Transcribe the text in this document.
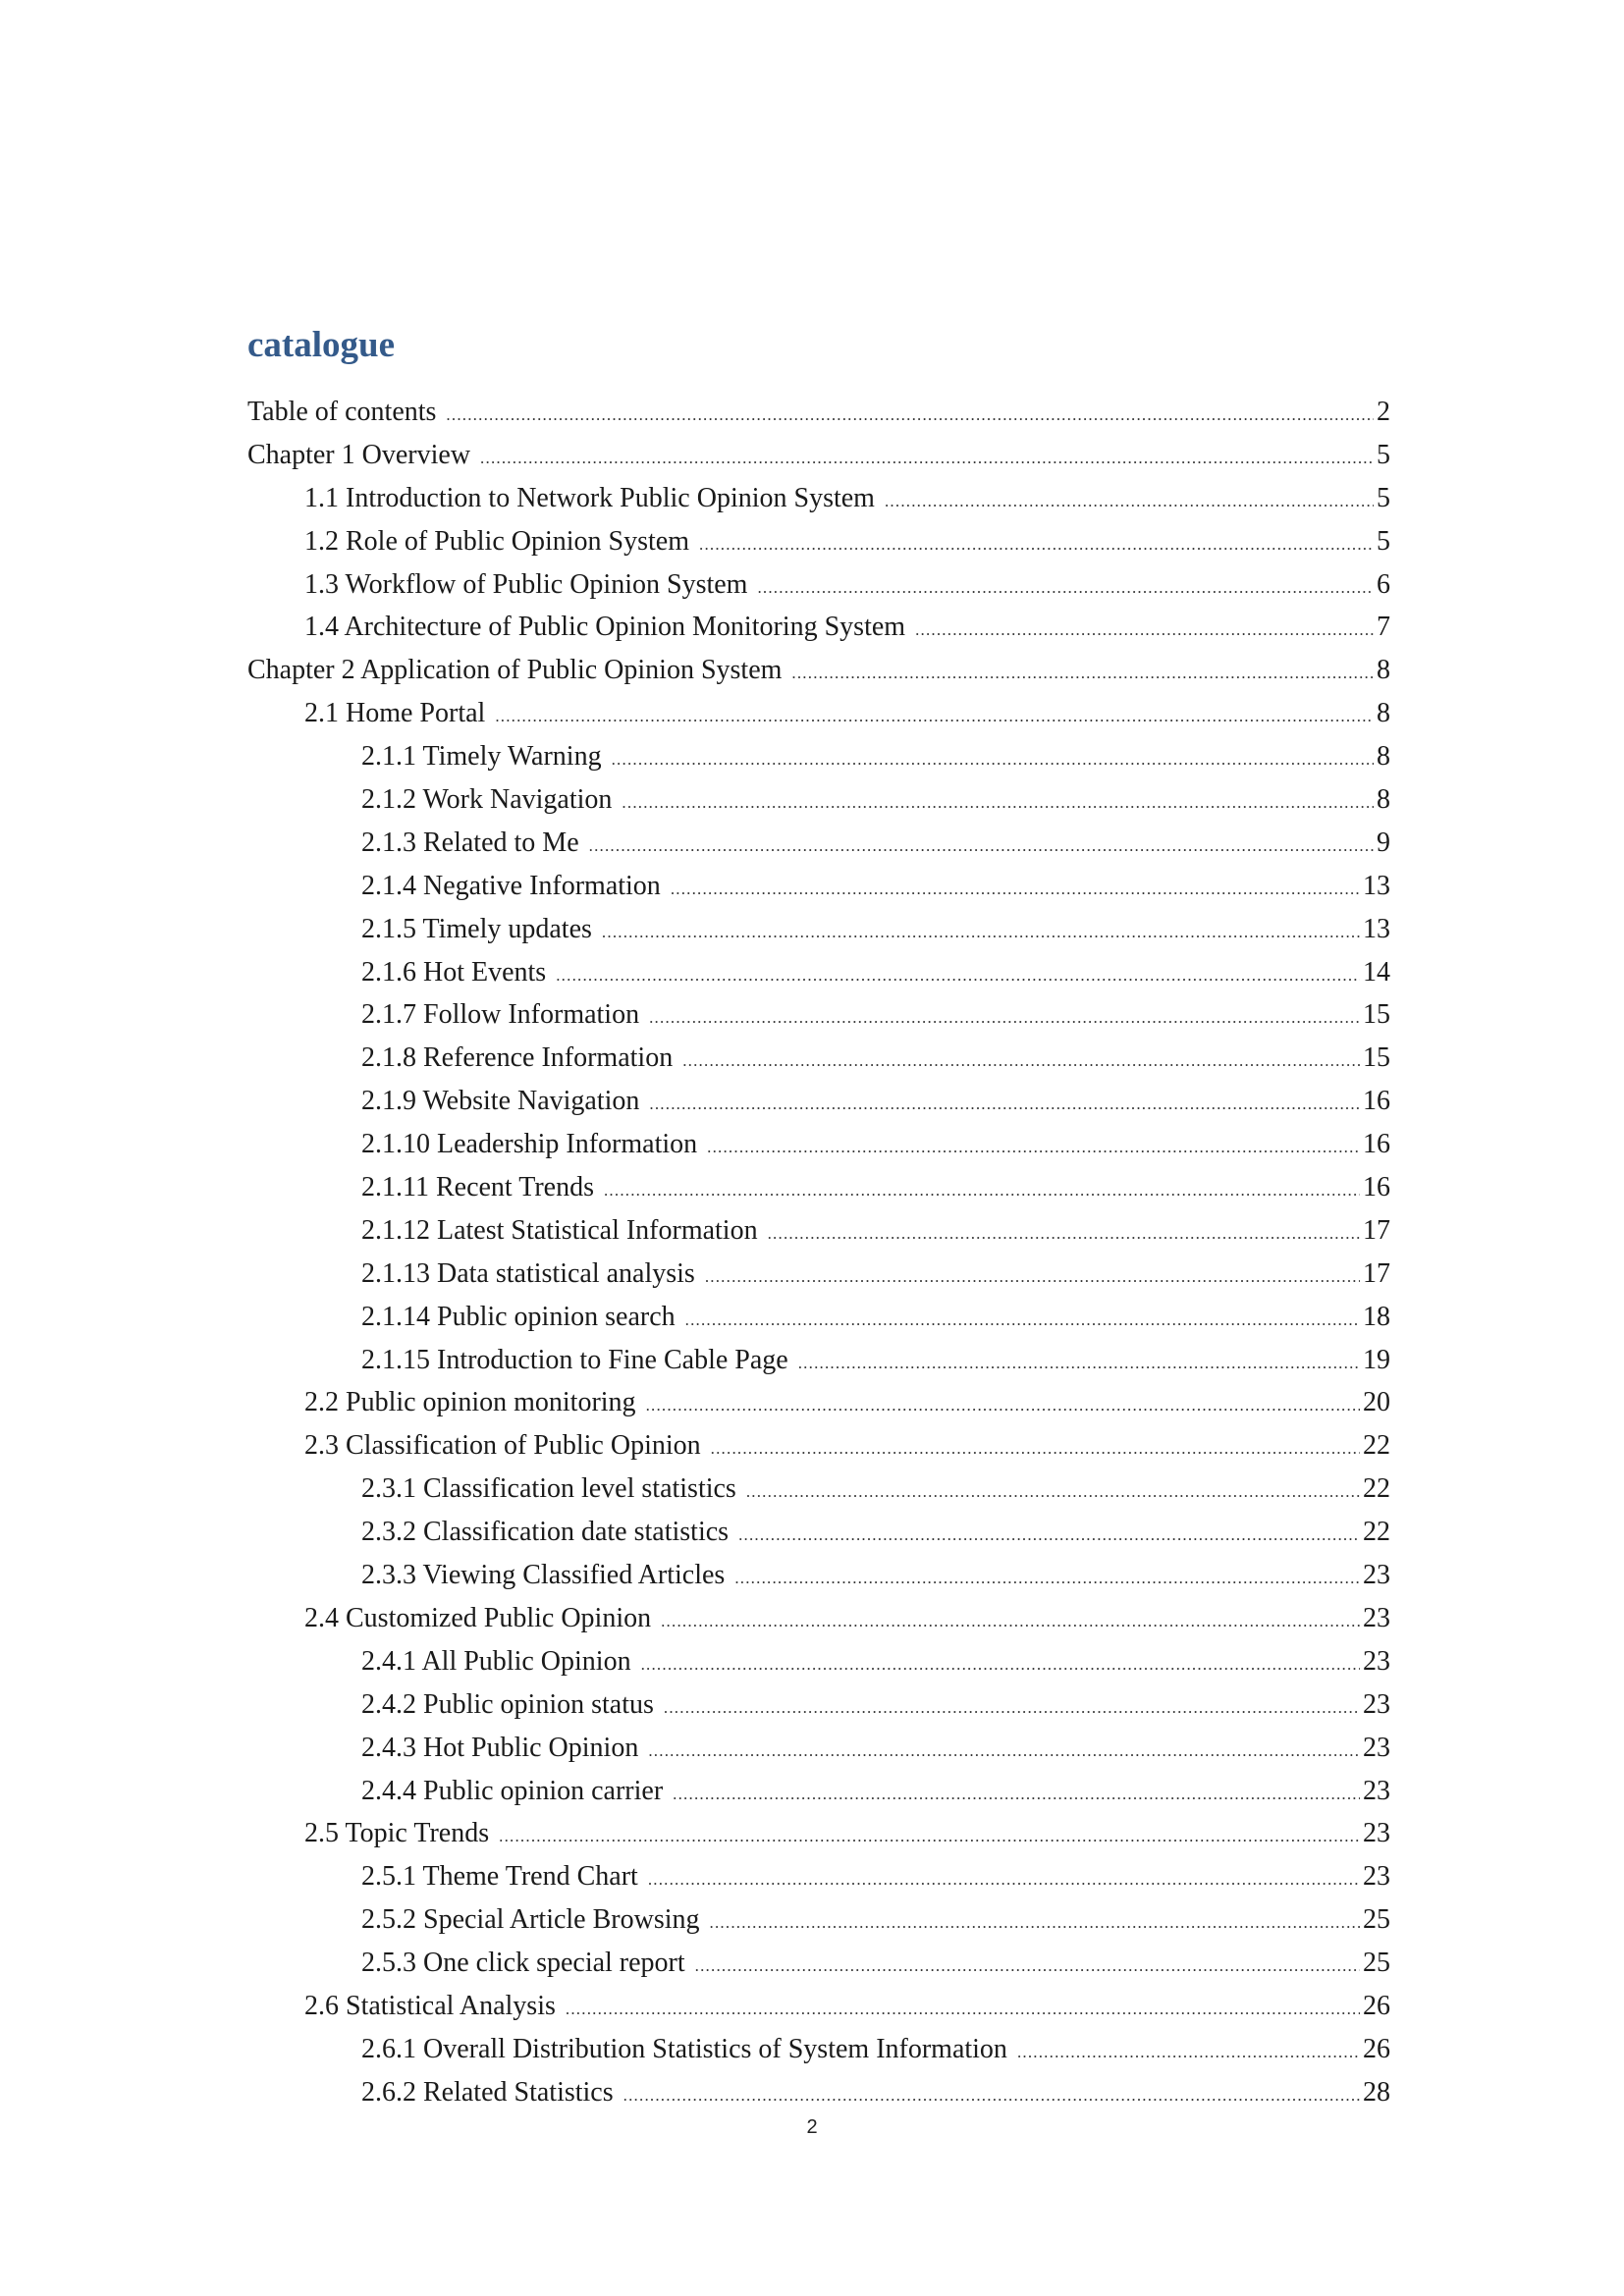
catalogue
Table of contents .....	2
Chapter 1 Overview .....	5
1.1 Introduction to Network Public Opinion System .....	5
1.2 Role of Public Opinion System .....	5
1.3 Workflow of Public Opinion System .....	6
1.4 Architecture of Public Opinion Monitoring System .....	7
Chapter 2 Application of Public Opinion System .....	8
2.1 Home Portal .....	8
2.1.1 Timely Warning .....	8
2.1.2 Work Navigation .....	8
2.1.3 Related to Me .....	9
2.1.4 Negative Information .....	13
2.1.5 Timely updates .....	13
2.1.6 Hot Events .....	14
2.1.7 Follow Information .....	15
2.1.8 Reference Information .....	15
2.1.9 Website Navigation .....	16
2.1.10 Leadership Information .....	16
2.1.11 Recent Trends .....	16
2.1.12 Latest Statistical Information .....	17
2.1.13 Data statistical analysis .....	17
2.1.14 Public opinion search .....	18
2.1.15 Introduction to Fine Cable Page .....	19
2.2 Public opinion monitoring .....	20
2.3 Classification of Public Opinion .....	22
2.3.1 Classification level statistics .....	22
2.3.2 Classification date statistics .....	22
2.3.3 Viewing Classified Articles .....	23
2.4 Customized Public Opinion .....	23
2.4.1 All Public Opinion .....	23
2.4.2 Public opinion status .....	23
2.4.3 Hot Public Opinion .....	23
2.4.4 Public opinion carrier .....	23
2.5 Topic Trends .....	23
2.5.1 Theme Trend Chart .....	23
2.5.2 Special Article Browsing .....	25
2.5.3 One click special report .....	25
2.6 Statistical Analysis .....	26
2.6.1 Overall Distribution Statistics of System Information .....	26
2.6.2 Related Statistics .....	28
2
